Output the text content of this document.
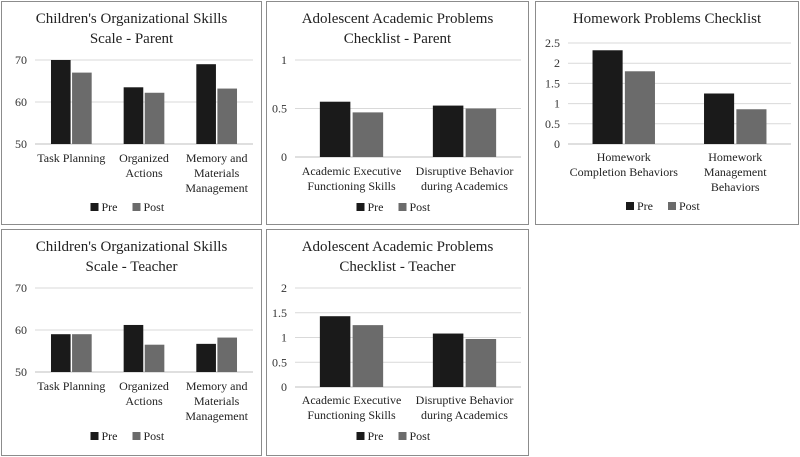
Children's Organizational Skills
Scale - Parent
50
60
70
Task Planning Organized
Actions
Memory and
Materials
Management
Pre Post
Adolescent Academic Problems
Checklist - Parent
0
0.5
1
Academic Executive
Functioning Skills
Disruptive Behavior
during Academics
Pre Post
Homework Problems Checklist
0
0.5
1
1.5
2
2.5
Homework
Completion Behaviors
Homework
Management
Behaviors
Pre Post
Children's Organizational Skills
Scale - Teacher
50
60
70
Task Planning Organized
Actions
Memory and
Materials
Management
Pre Post
Adolescent Academic Problems
Checklist - Teacher
0
0.5
1
1.5
2
Academic Executive
Functioning Skills
Disruptive Behavior
during Academics
Pre Post
